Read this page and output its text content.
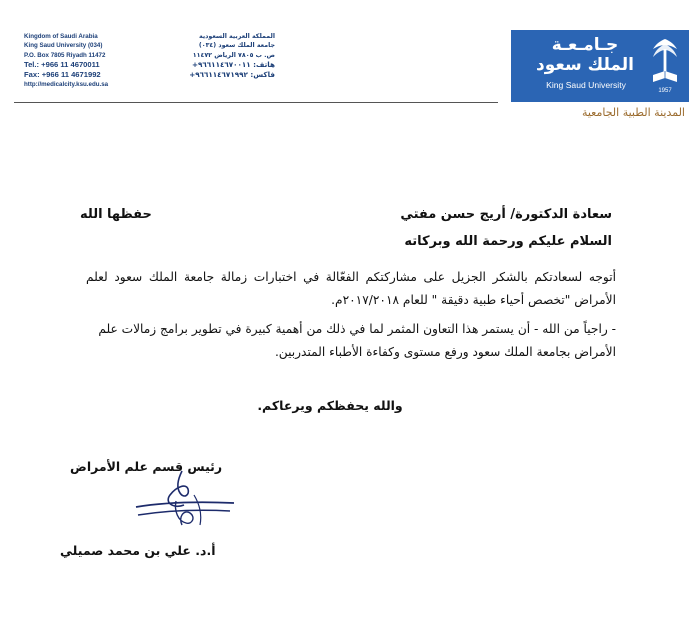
Kingdom of Saudi Arabia
King Saud University (034)
P.O. Box 7805 Riyadh 11472
Tel.: +966 11 4670011
Fax: +966 11 4671992
http://medicalcity.ksu.edu.sa
المملكة العربية السعودية
جامعة الملك سعود (٠٣٤)
ص. ب ٧٨٠٥ الرياض ١١٤٧٢
هاتف: ٩٦٦١١٤٦٧٠٠١١+
فاكس: ٩٦٦١١٤٦٧١٩٩٢+
جـامـعـة
الملك سعود
King Saud University
1957
المدينة الطبية الجامعية
سعادة الدكتورة/ أريج حسن مفتي
حفظها الله
السلام عليكم ورحمة الله وبركاته
أتوجه لسعادتكم بالشكر الجزيل على مشاركتكم الفعّالة في اختبارات زمالة جامعة الملك سعود لعلم الأمراض "تخصص أحياء طبية دقيقة " للعام ٢٠١٧/٢٠١٨م.
- راجياً من الله - أن يستمر هذا التعاون المثمر لما في ذلك من أهمية كبيرة في تطوير برامج زمالات علم الأمراض بجامعة الملك سعود ورفع مستوى وكفاءة الأطباء المتدربين.
والله يحفظكم ويرعاكم.
رئيس قسم علم الأمراض
أ.د. علي بن محمد صميلي
